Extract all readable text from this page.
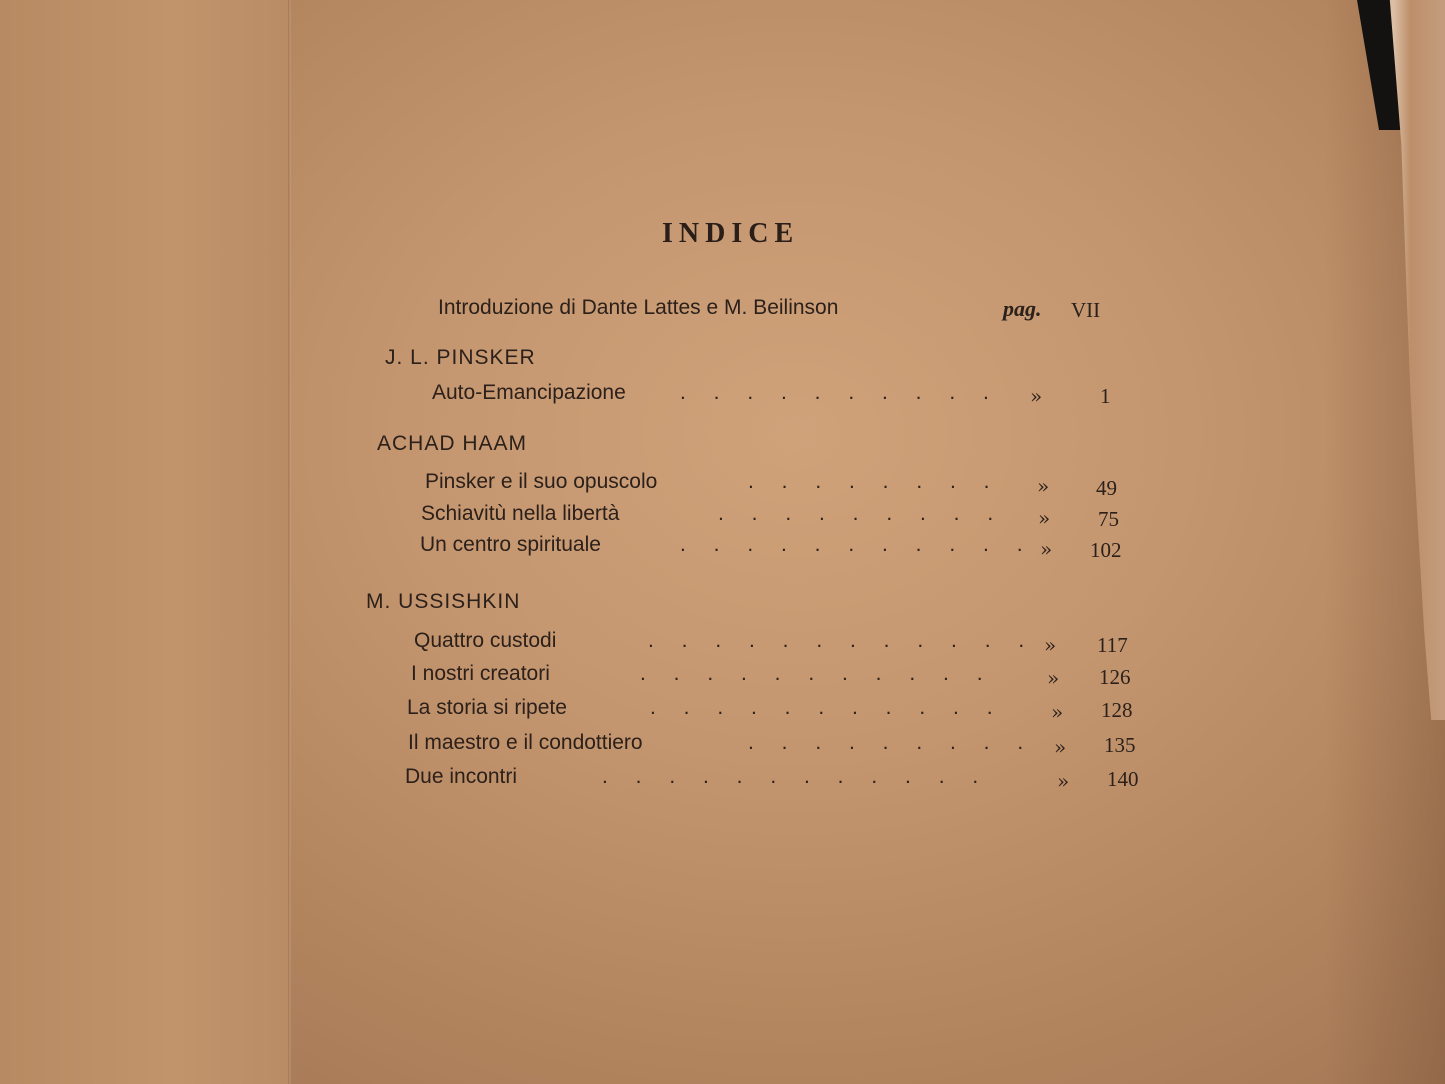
INDICE
Introduzione di Dante Lattes e M. Beilinson	pag. VII
J. L. PINSKER
Auto-Emancipazione	. . . . . . . . . . »	1
ACHAD HAAM
Pinsker e il suo opuscolo	. . . . . . . . » 49
Schiavitù nella libertà	. . . . . . . . . » 75
Un centro spirituale	. . . . . . . . . . . » 102
M. USSISHKIN
Quattro custodi	. . . . . . . . . . . . » 117
I nostri creatori	. . . . . . . . . . .	» 126
La storia si ripete	. . . . . . . . . . . » 128
Il maestro e il condottiero	. . . . . . . . . » 135
Due incontri	. . . . . . . . . . . .	» 140
